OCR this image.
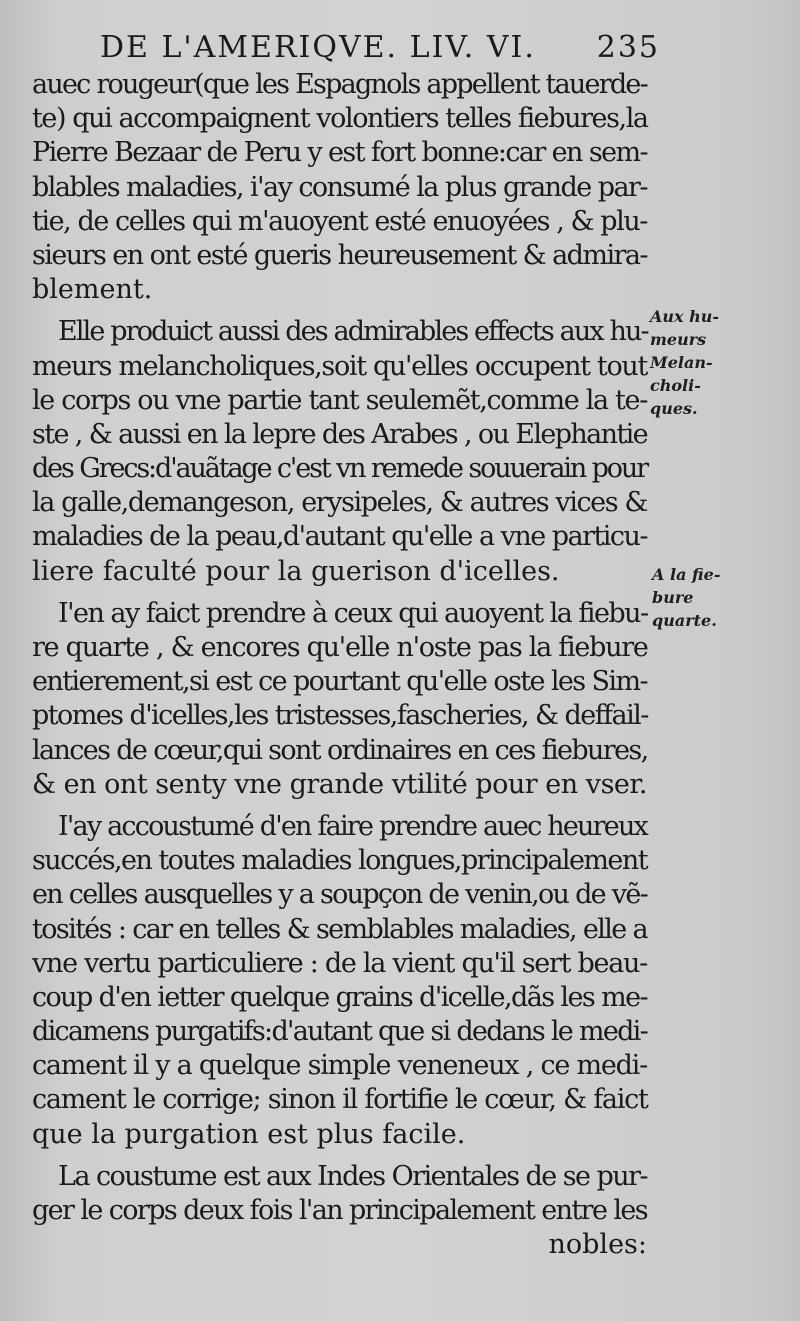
DE L'AMERIQVE. LIV. VI. 235
auec rougeur(que les Espagnols appellent tauerde-
te) qui accompaignent volontiers telles fiebures,la
Pierre Bezaar de Peru y est fort bonne:car en sem-
blables maladies, i'ay consumé la plus grande par-
tie, de celles qui m'auoyent esté enuoyées , & plu-
sieurs en ont esté gueris heureusement & admira-
blement.
Elle produict aussi des admirables effects aux hu-
meurs melancholiques,soit qu'elles occupent tout
le corps ou vne partie tant seulemẽt,comme la te-
ste , & aussi en la lepre des Arabes , ou Elephantie
des Grecs:d'auãtage c'est vn remede souuerain pour
la galle,demangeson, erysipeles, & autres vices &
maladies de la peau,d'autant qu'elle a vne particu-
liere faculté pour la guerison d'icelles.
I'en ay faict prendre à ceux qui auoyent la fiebu-
re quarte , & encores qu'elle n'oste pas la fiebure
entierement,si est ce pourtant qu'elle oste les Sim-
ptomes d'icelles,les tristesses,fascheries, & deffail-
lances de cœur,qui sont ordinaires en ces fiebures,
& en ont senty vne grande vtilité pour en vser.
I'ay accoustumé d'en faire prendre auec heureux
succés,en toutes maladies longues,principalement
en celles ausquelles y a soupçon de venin,ou de vẽ-
tosités : car en telles & semblables maladies, elle a
vne vertu particuliere : de la vient qu'il sert beau-
coup d'en ietter quelque grains d'icelle,dãs les me-
dicamens purgatifs:d'autant que si dedans le medi-
cament il y a quelque simple veneneux , ce medi-
cament le corrige; sinon il fortifie le cœur, & faict
que la purgation est plus facile.
La coustume est aux Indes Orientales de se pur-
ger le corps deux fois l'an principalement entre les
nobles:
Aux hu-
meurs
Melan-
choli-
ques.
A la fie-
bure
quarte.
